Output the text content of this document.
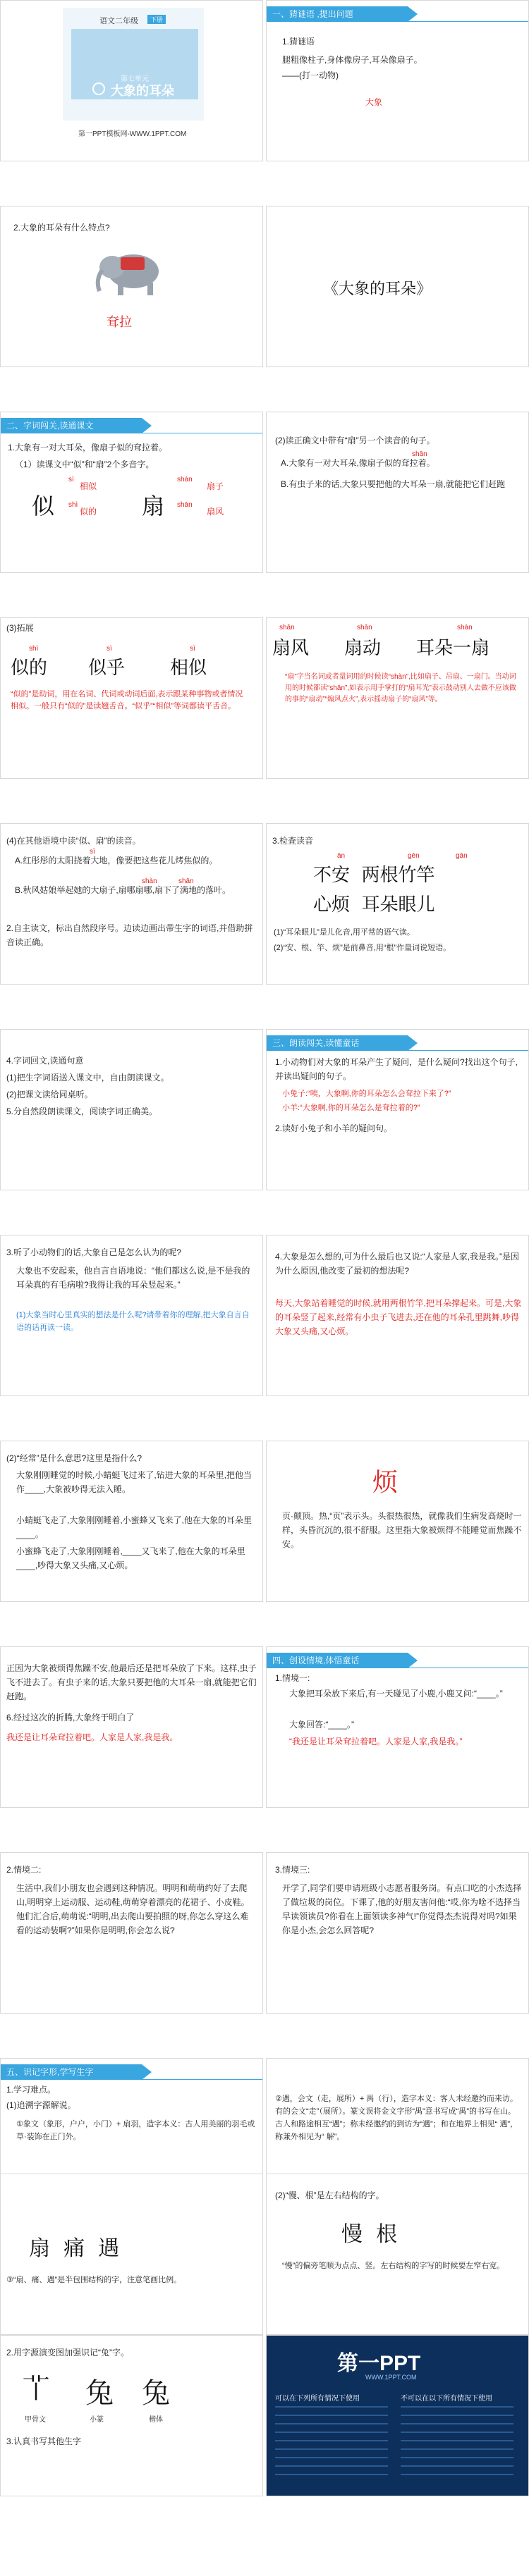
语文二年级	下册
第七单元
大象的耳朵
第一PPT模板网-WWW.1PPT.COM
一、猜谜语 ,提出问题
1.猜谜语
腿粗像柱子,身体像房子,耳朵像扇子。
——(打一动物)
大象
2.大象的耳朵有什么特点?
耷拉
《大象的耳朵》
二、字词闯关,读通课文
1.大象有一对大耳朵，像扇子似的耷拉着。
（1）读课文中“似”和“扇”2个多音字。
似
sì
相似
shì
似的 扇
shàn
扇子
shān
扇风
(2)读正确文中带有“扇”另一个读音的句子。
shān
A.大象有一对大耳朵,像扇子似的耷拉着。
B.有虫子来的话,大象只要把他的大耳朵一扇,就能把它们赶跑
(3)拓展
shì
似的
sì
似乎
sì
相似
“似的”是助词，用在名词、代词或动词后面,表示跟某种事物或者情况相似。一般只有“似的”是读翘舌音。“似乎”“相似”等词都读平舌音。
shān
扇风
shān
扇动
shàn
耳朵一扇
“扇”字当名词或者量词用的时候读“shàn”,比如扇子、吊扇、一扇门。当动词用的时候都读“shān”,如表示用手掌打的“扇耳光”表示鼓动别人去做不应该做的事的“扇动”“煽风点火”,表示摇动扇子的“扇风”等。
(4)在其他语境中读“似、扇”的读音。
sì
A.红彤彤的太阳挠着大地，像要把这些花儿烤焦似的。
shàn	shān
B.秋风姑娘举起她的大扇子,扇哪扇哪,扇下了满地的落叶。
2.自主读文，标出自然段序号。边读边画出带生字的词语,并借助拼音读正确。
3.检查读音
ān	gēn	gān
不安  两根竹竿
心烦  耳朵眼儿
(1)“耳朵眼儿”是儿化音,用平常的语气读。
(2)“安、根、竿、烦”是前鼻音,用“根”作量词说短语。
4.字词回文,读通句意
(1)把生字词语送入课文中，自由朗读课文。
(2)把课文读给同桌听。
5.分自然段朗读课文，阅读字词正确美。
三、朗读闯关,读懂童话
1.小动物们对大象的耳朵产生了疑问，是什么疑问?找出这个句子,并读出疑问的句子。
小兔子:“咦，大象啊,你的耳朵怎么会耷拉下来了?”
小羊:“大象啊,你的耳朵怎么是耷拉着的?”
2.读好小兔子和小羊的疑问句。
3.听了小动物们的话,大象自己是怎么认为的呢?
大象也不安起来，他自言自语地说：“他们都这么说,是不是我的耳朵真的有毛病啦?我得让我的耳朵竖起来。”
(1)大象当时心里真实的想法是什么呢?请带着你的理解,把大象自言自语的话再读一读。
4.大象是怎么想的,可为什么最后也又说:“人家是人家,我是我。”是因为什么原因,他改变了最初的想法呢?
每天,大象站着睡觉的时候,就用两根竹竿,把耳朵撑起来。可是,大象的耳朵竖了起来,经常有小虫子飞进去,还在他的耳朵孔里跳舞,吵得大象又头痛,又心烦。
(2)“经常”是什么意思?这里是指什么?
大象刚刚睡觉的时候,小蜻蜓飞过来了,钻进大象的耳朵里,把他当作____,大象被吵得无法入睡。
小蜻蜓飞走了,大象刚刚睡着,小蜜蜂又飞来了,他在大象的耳朵里____。
小蜜蜂飞走了,大象刚刚睡着,____又飞来了,他在大象的耳朵里____,吵得大象又头痛,又心烦。
烦
页·颠顶。热,“页”表示头。头很热很热，就像我们生病发高烧时一样，头昏沉沉的,很不舒服。这里指大象被烦得不能睡觉而焦躁不安。
正因为大象被烦得焦躁不安,他最后还是把耳朵放了下来。这样,虫子飞不进去了。有虫子来的话,大象只要把他的大耳朵一扇,就能把它们赶跑。
6.经过这次的折腾,大象终于明白了
我还是让耳朵耷拉着吧。人家是人家,我是我。
四、创设情境,体悟童话
1.情境一:
大象把耳朵放下来后,有一天碰见了小鹿,小鹿又问:“____。”
大象回答:“____。”
“我还是让耳朵耷拉着吧。人家是人家,我是我。”
2.情境二:
生活中,我们小朋友也会遇到这种情况。明明和萌萌约好了去爬山,明明穿上运动服、运动鞋,萌萌穿着漂亮的花裙子、小皮鞋。他们汇合后,萌萌说:“明明,出去爬山要拍照的呀,你怎么穿这么难看的运动装啊?”如果你是明明,你会怎么说?
3.情境三:
开学了,同学们要申请班级小志愿者服务岗。有点口吃的小杰选择了做垃圾的岗位。下课了,他的好朋友害问他:“哎,你为啥不选择当早读领读员?你看在上面领读多神气!”你觉得杰杰说得对吗?如果你是小杰,会怎么回答呢?
五、识记字形,学写生字
1.学习难点。
(1)追溯字源解说。
①象文（象形，户户，小门）+ 扇羽，造字本义：古人用美丽的羽毛或草·装饰在正门外。
②遇，会文（走，展所）+ 禺（行），造字本义：客人未经邀约而来访。有的会文“走”（展所）。篆文误将金文字形“禺”意书写成“禺”的书写在山。古人和路途相互“遇”；称未经邀约的到访为“遇”；和在地界上相见“ 遇”，称兼外相见为“ 解”。
扇  痛  遇
③“扇、痛、遇”是半包围结构的字，注意笔画比例。
(2)“慢、根”是左右结构的字。
慢  根
“慢”的偏旁笔顺为点点、竖。左右结构的字写的时候要左窄右宽。
2.用字源演变图加强识记“兔”字。
𦫳 兔 兔
甲骨文	小篆	楷体
3.认真书写其他生字
第一PPT
WWW.1PPT.COM
可以在下列所有情况下使用	不可以在以下所有情况下使用
